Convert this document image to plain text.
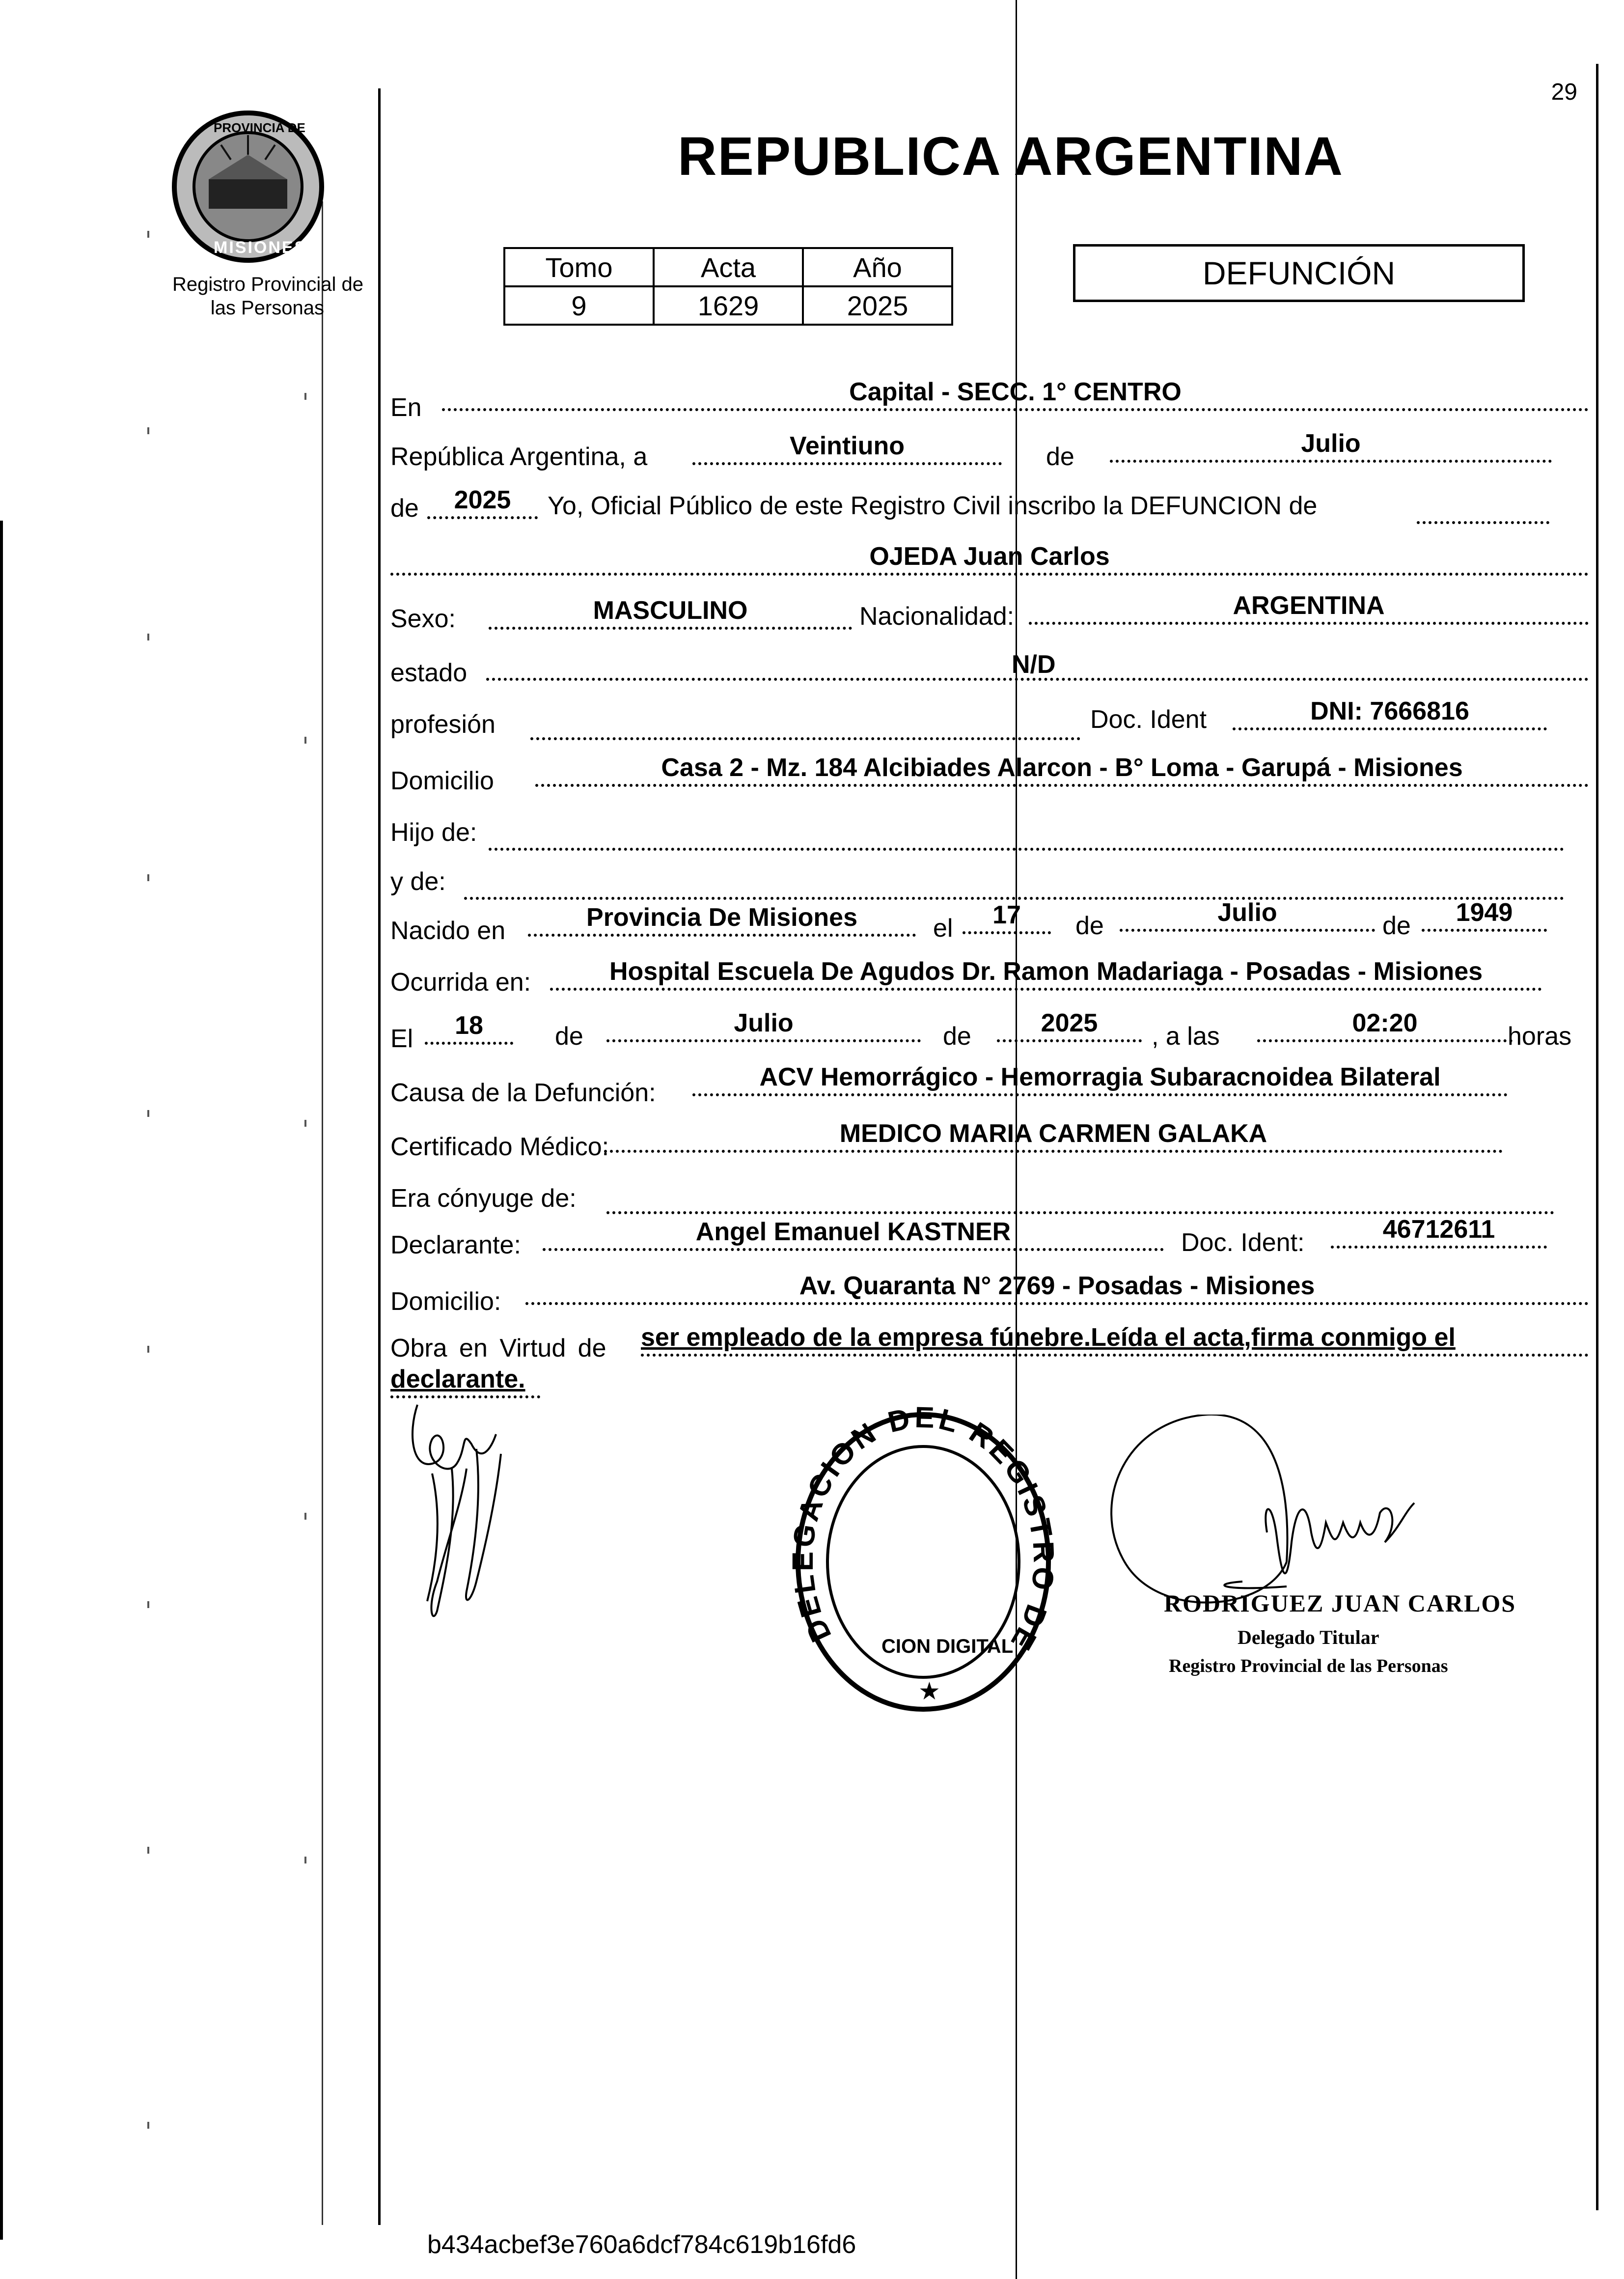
PROVINCIA DE
MISIONES
Registro Provincial de
las Personas
29
REPUBLICA ARGENTINA
Tomo	Acta	Año
9	1629	2025
DEFUNCIÓN
En
Capital - SECC. 1° CENTRO
República Argentina, a	Veintiuno	de	Julio
de	2025	Yo, Oficial Público de este Registro Civil inscribo la DEFUNCION de
OJEDA Juan Carlos
Sexo:	MASCULINO	Nacionalidad:	ARGENTINA
estado	N/D
profesión	Doc. Ident	DNI: 7666816
Domicilio	Casa 2 - Mz. 184 Alcibiades Alarcon - B° Loma - Garupá - Misiones
Hijo de:
y de:
Nacido en	Provincia De Misiones	el	17	de	Julio	de	1949
Ocurrida en:	Hospital Escuela De Agudos Dr. Ramon Madariaga - Posadas - Misiones
El	18	de	Julio	de	2025	, a las	02:20	horas
Causa de la Defunción:
ACV Hemorrágico - Hemorragia Subaracnoidea Bilateral
Certificado Médico:	MEDICO MARIA CARMEN GALAKA
Era cónyuge de:
Declarante:	Angel Emanuel KASTNER	Doc. Ident:	46712611
Domicilio:
Av. Quaranta N° 2769 - Posadas - Misiones
Obra en Virtud de ser empleado de la empresa fúnebre.Leída el acta,firma conmigo el
declarante.
DELEGACION DEL REGISTRO DE
CION DIGITAL
★
RODRIGUEZ JUAN CARLOS
Delegado Titular
Registro Provincial de las Personas
b434acbef3e760a6dcf784c619b16fd6
